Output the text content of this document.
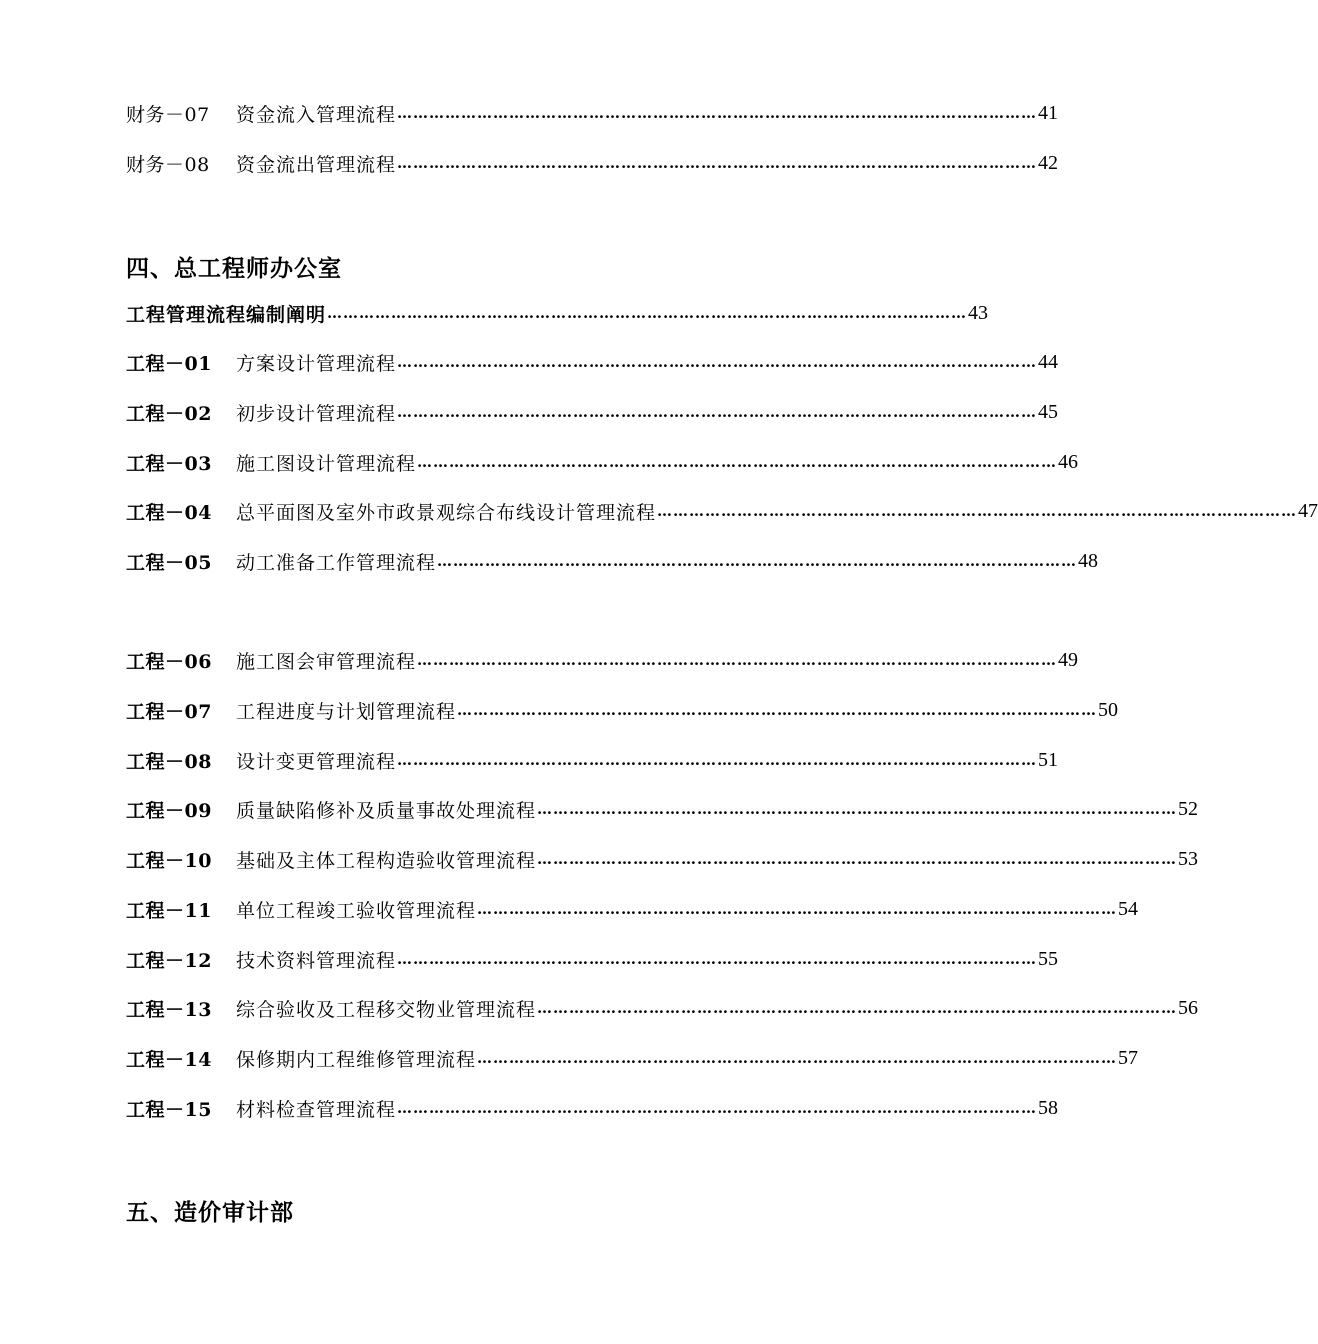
财务－07	资金流入管理流程 ………………………………………………………………………………………………………… 41
财务－08	资金流出管理流程 ………………………………………………………………………………………………………… 42
四、总工程师办公室
工程管理流程编制阐明 ………………………………………………………………………………………………………… 43
工程－01	方案设计管理流程 ………………………………………………………………………………………………………… 44
工程－02	初步设计管理流程 ………………………………………………………………………………………………………… 45
工程－03	施工图设计管理流程 ………………………………………………………………………………………………………… 46
工程－04	总平面图及室外市政景观综合布线设计管理流程 ………………………………………………………………………………………………………… 47
工程－05	动工准备工作管理流程 ………………………………………………………………………………………………………… 48
工程－06	施工图会审管理流程 ………………………………………………………………………………………………………… 49
工程－07	工程进度与计划管理流程 ………………………………………………………………………………………………………… 50
工程－08	设计变更管理流程 ………………………………………………………………………………………………………… 51
工程－09	质量缺陷修补及质量事故处理流程 ………………………………………………………………………………………………………… 52
工程－10	基础及主体工程构造验收管理流程 ………………………………………………………………………………………………………… 53
工程－11	单位工程竣工验收管理流程 ………………………………………………………………………………………………………… 54
工程－12	技术资料管理流程 ………………………………………………………………………………………………………… 55
工程－13	综合验收及工程移交物业管理流程 ………………………………………………………………………………………………………… 56
工程－14	保修期内工程维修管理流程 ………………………………………………………………………………………………………… 57
工程－15	材料检查管理流程 ………………………………………………………………………………………………………… 58
五、造价审计部
